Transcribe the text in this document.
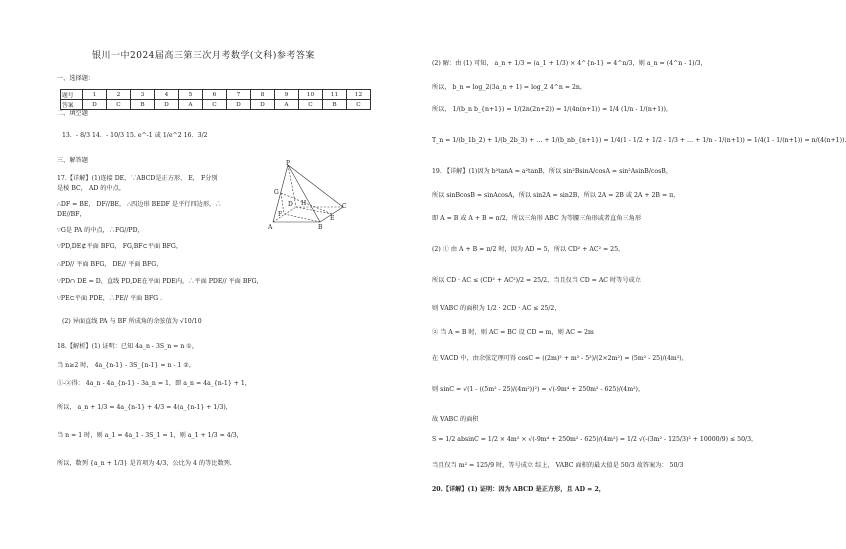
银川一中2024届高三第三次月考数学(文科)参考答案
一、选择题：
题号	1	2	3	4	5	6	7	8	9	10	11	12
答案	D	C	B	D	A	C	D	D	A	C	B	C
二、填空题
13．- 8/3 14．- 10/3 15. e^-1 或 1/e^2 16．3/2
三、解答题
17.【详解】(1)连接 DE，∵ABCD是正方形， E， F分别
是棱 BC， AD 的中点，
∴DF = BE， DF//BE， ∴四边形 BEDF 是平行四边形，∴
DE//BF，
∵G是 PA 的中点，∴FG//PD，
∵PD,DE⊄平面 BFG， FG,BF⊂平面 BFG，
∴PD// 平面 BFG， DE// 平面 BFG，
∵PD∩ DE = D，直线 PD,DE在平面 PDE内，∴平面 PDE// 平面 BFG，
∵PE⊂平面 PDE，∴PE// 平面 BFG .
(2) 异面直线 PA 与 BF 所成角的余弦值为 √10/10
18.【解析】(1) 证明：已知 4a_n - 3S_n = n ①，
当 n≥2 时， 4a_{n-1} - 3S_{n-1} = n - 1 ②，
①-②得： 4a_n - 4a_{n-1} - 3a_n = 1，即 a_n = 4a_{n-1} + 1，
所以， a_n + 1/3 = 4a_{n-1} + 4/3 = 4(a_{n-1} + 1/3)，
当 n = 1 时，则 a_1 = 4a_1 - 3S_1 = 1，则 a_1 + 1/3 = 4/3，
所以，数列 {a_n + 1/3} 是首项为 4/3，公比为 4 的等比数列.
P
G
D
F
A	B
E
C
H
(2) 解：由 (1) 可知， a_n + 1/3 = (a_1 + 1/3) × 4^{n-1} = 4^n/3，则 a_n = (4^n - 1)/3，
所以， b_n = log_2(3a_n + 1) = log_2 4^n = 2n，
所以， 1/(b_n b_{n+1}) = 1/(2n(2n+2)) = 1/(4n(n+1)) = 1/4 (1/n - 1/(n+1))，
T_n = 1/(b_1b_2) + 1/(b_2b_3) + … + 1/(b_nb_{n+1}) = 1/4(1 - 1/2 + 1/2 - 1/3 + … + 1/n - 1/(n+1)) = 1/4(1 - 1/(n+1)) = n/(4(n+1)).
19. 【详解】(1)因为 b²tanA = a²tanB，所以 sin²BsinA/cosA = sin²AsinB/cosB，
所以 sinBcosB = sinAcosA，所以 sin2A = sin2B，所以 2A = 2B 或 2A + 2B = π，
即 A = B 或 A + B = π/2，所以三角形 ABC 为等腰三角形或者直角三角形
(2) ① 由 A + B = π/2 时，因为 AD = 5，所以 CD² + AC² = 25，
所以 CD · AC ≤ (CD² + AC²)/2 = 25/2，当且仅当 CD = AC 时等号成立
则 VABC 的面积为 1/2 · 2CD · AC ≤ 25/2，
② 当 A = B 时，则 AC = BC 设 CD = m，则 AC = 2m
在 VACD 中，由余弦定理可得 cosC = ((2m)² + m² - 5²)/(2×2m²) = (5m² - 25)/(4m²)，
则 sinC = √(1 - ((5m² - 25)/(4m²))²) = √(-9m⁴ + 250m² - 625)/(4m²)，
故 VABC 的面积
S = 1/2 absinC = 1/2 × 4m² × √(-9m⁴ + 250m² - 625)/(4m²) = 1/2 √(-(3m² - 125/3)² + 10000/9) ≤ 50/3，
当且仅当 m² = 125/9 时，等号成立 综上， VABC 面积的最大值是 50/3 故答案为： 50/3
20.【详解】(1) 证明：因为 ABCD 是正方形，且 AD = 2，
